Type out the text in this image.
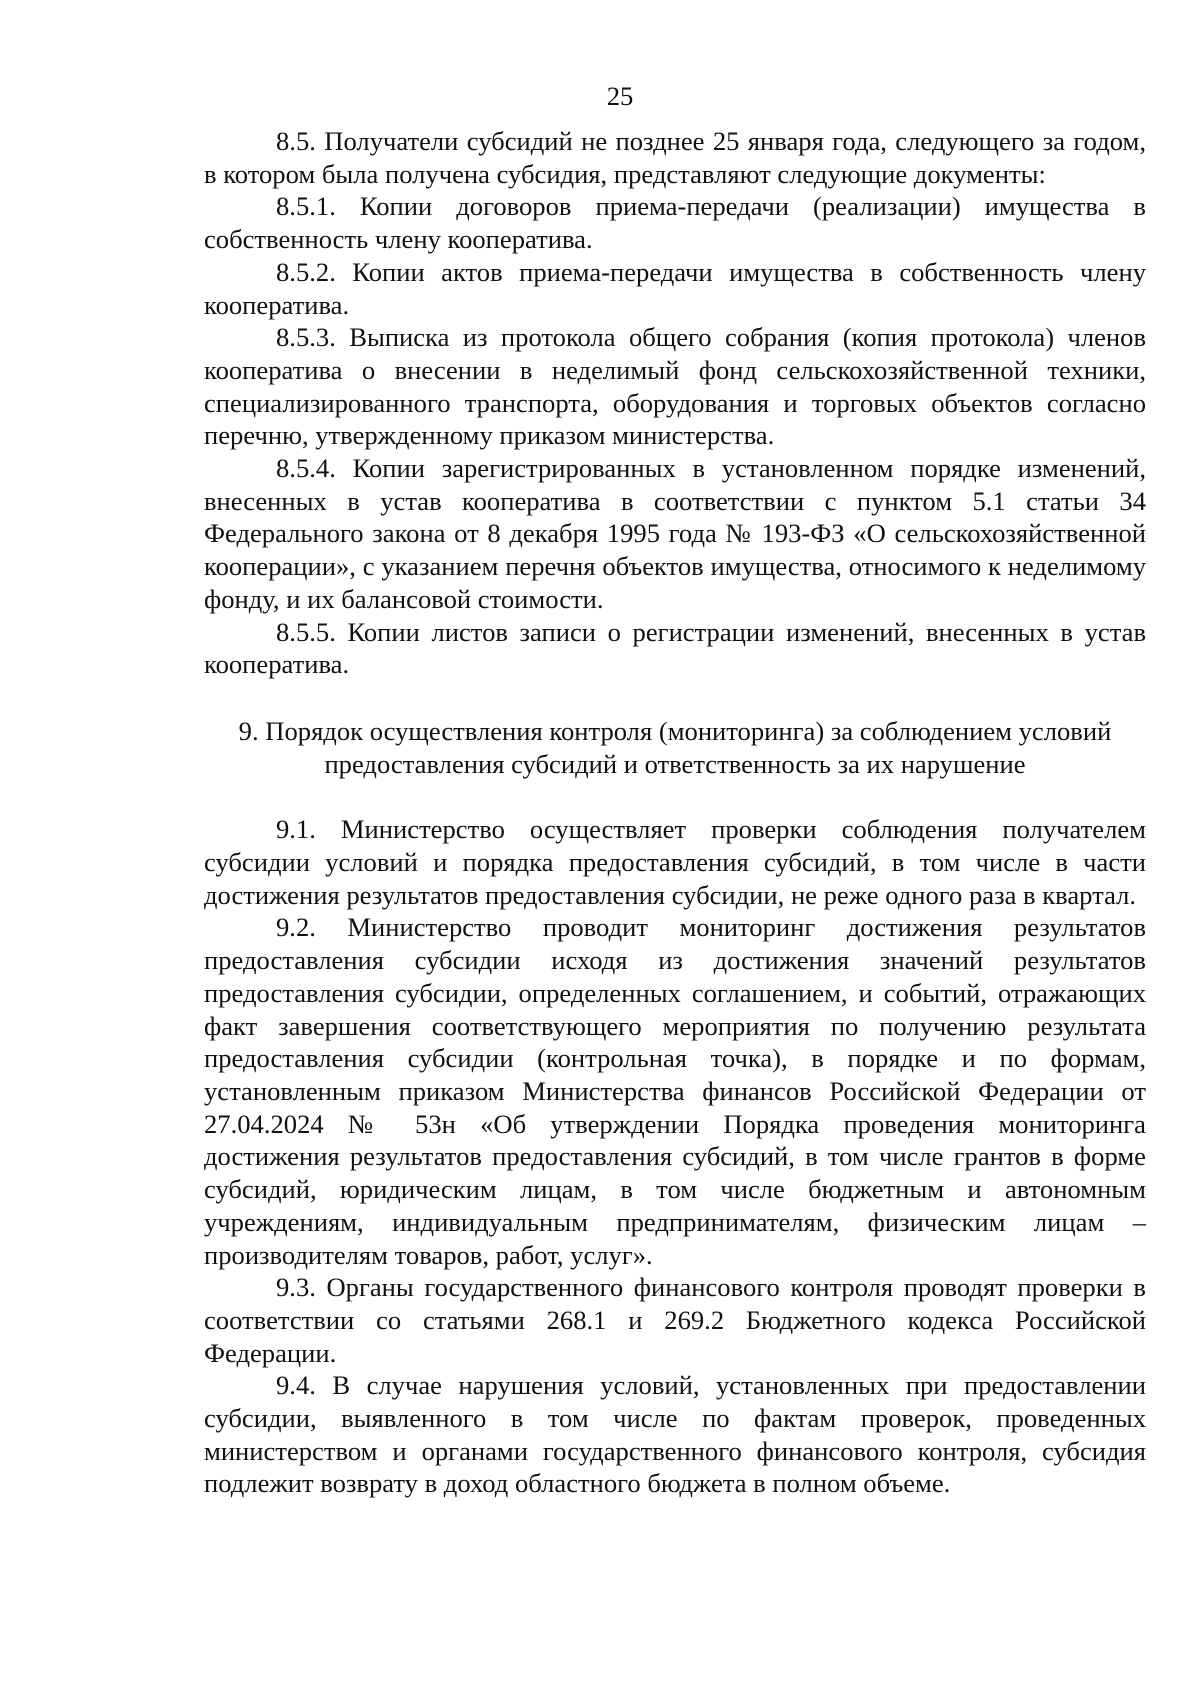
25

8.5. Получатели субсидий не позднее 25 января года, следующего за годом, в котором была получена субсидия, представляют следующие документы:

8.5.1. Копии договоров приема-передачи (реализации) имущества в собственность члену кооператива.

8.5.2. Копии актов приема-передачи имущества в собственность члену кооператива.

8.5.3. Выписка из протокола общего собрания (копия протокола) членов кооператива о внесении в неделимый фонд сельскохозяйственной техники, специализированного транспорта, оборудования и торговых объектов согласно перечню, утвержденному приказом министерства.

8.5.4. Копии зарегистрированных в установленном порядке изменений, внесенных в устав кооператива в соответствии с пунктом 5.1 статьи 34 Федерального закона от 8 декабря 1995 года № 193-ФЗ «О сельскохозяйственной кооперации», с указанием перечня объектов имущества, относимого к неделимому фонду, и их балансовой стоимости.

8.5.5. Копии листов записи о регистрации изменений, внесенных в устав кооператива.

9. Порядок осуществления контроля (мониторинга) за соблюдением условий
предоставления субсидий и ответственность за их нарушение

9.1. Министерство осуществляет проверки соблюдения получателем субсидии условий и порядка предоставления субсидий, в том числе в части достижения результатов предоставления субсидии, не реже одного раза в квартал.

9.2. Министерство проводит мониторинг достижения результатов предоставления субсидии исходя из достижения значений результатов предоставления субсидии, определенных соглашением, и событий, отражающих факт завершения соответствующего мероприятия по получению результата предоставления субсидии (контрольная точка), в порядке и по формам, установленным приказом Министерства финансов Российской Федерации от 27.04.2024 № 53н «Об утверждении Порядка проведения мониторинга достижения результатов предоставления субсидий, в том числе грантов в форме субсидий, юридическим лицам, в том числе бюджетным и автономным учреждениям, индивидуальным предпринимателям, физическим лицам – производителям товаров, работ, услуг».

9.3. Органы государственного финансового контроля проводят проверки в соответствии со статьями 268.1 и 269.2 Бюджетного кодекса Российской Федерации.

9.4. В случае нарушения условий, установленных при предоставлении субсидии, выявленного в том числе по фактам проверок, проведенных министерством и органами государственного финансового контроля, субсидия подлежит возврату в доход областного бюджета в полном объеме.
